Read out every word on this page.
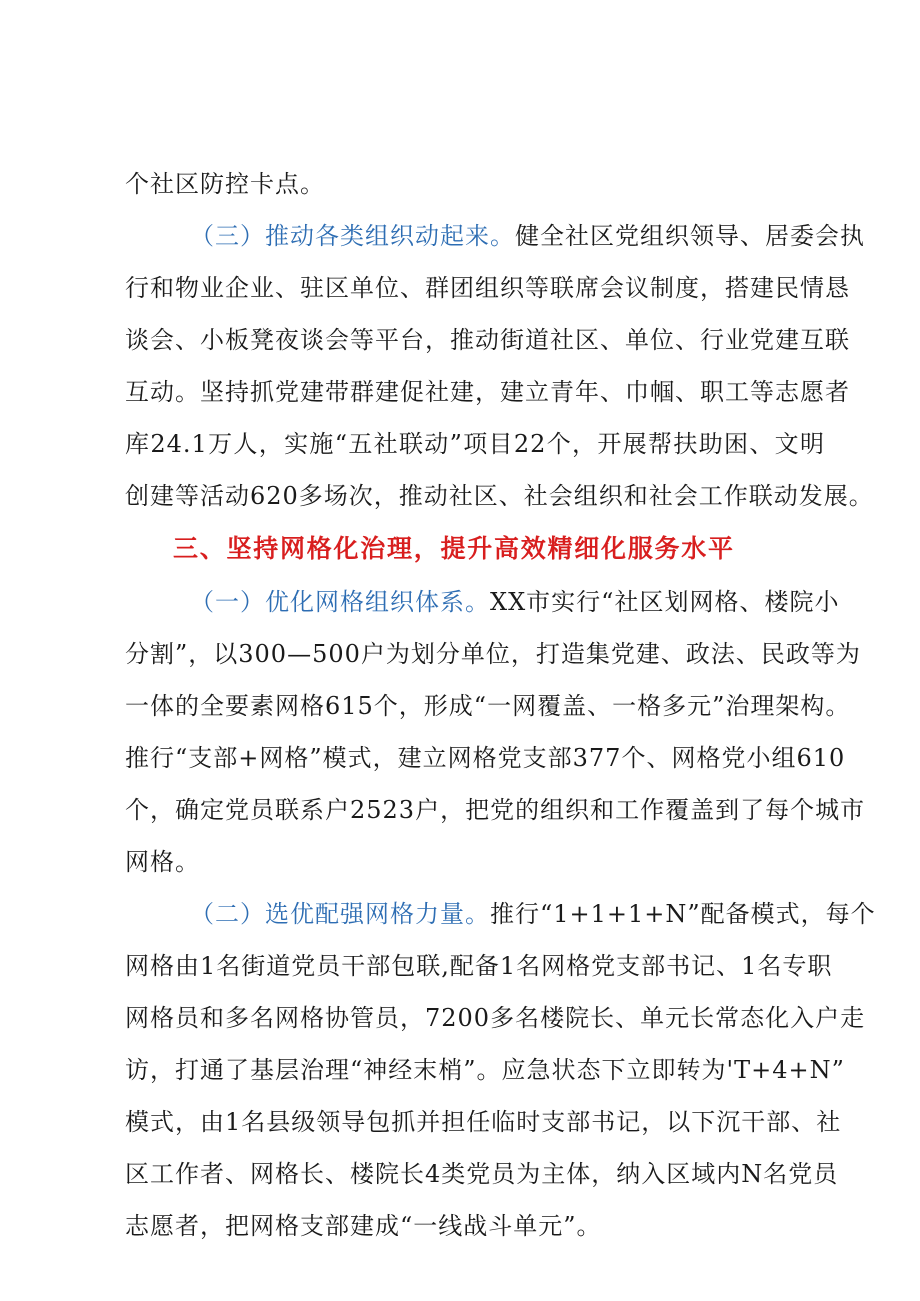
个社区防控卡点。
（三）推动各类组织动起来。健全社区党组织领导、居委会执
行和物业企业、驻区单位、群团组织等联席会议制度，搭建民情恳
谈会、小板凳夜谈会等平台，推动街道社区、单位、行业党建互联
互动。坚持抓党建带群建促社建，建立青年、巾帼、职工等志愿者
库24.1万人，实施“五社联动”项目22个，开展帮扶助困、文明
创建等活动620多场次，推动社区、社会组织和社会工作联动发展。
三、坚持网格化治理，提升高效精细化服务水平
（一）优化网格组织体系。XX市实行“社区划网格、楼院小
分割”，以300—500户为划分单位，打造集党建、政法、民政等为
一体的全要素网格615个，形成“一网覆盖、一格多元”治理架构。
推行“支部+网格”模式，建立网格党支部377个、网格党小组610
个，确定党员联系户2523户，把党的组织和工作覆盖到了每个城市
网格。
（二）选优配强网格力量。推行“1+1+1+N”配备模式，每个
网格由1名街道党员干部包联,配备1名网格党支部书记、1名专职
网格员和多名网格协管员，7200多名楼院长、单元长常态化入户走
访，打通了基层治理“神经末梢”。应急状态下立即转为'T+4+N”
模式，由1名县级领导包抓并担任临时支部书记，以下沉干部、社
区工作者、网格长、楼院长4类党员为主体，纳入区域内N名党员
志愿者，把网格支部建成“一线战斗单元”。
